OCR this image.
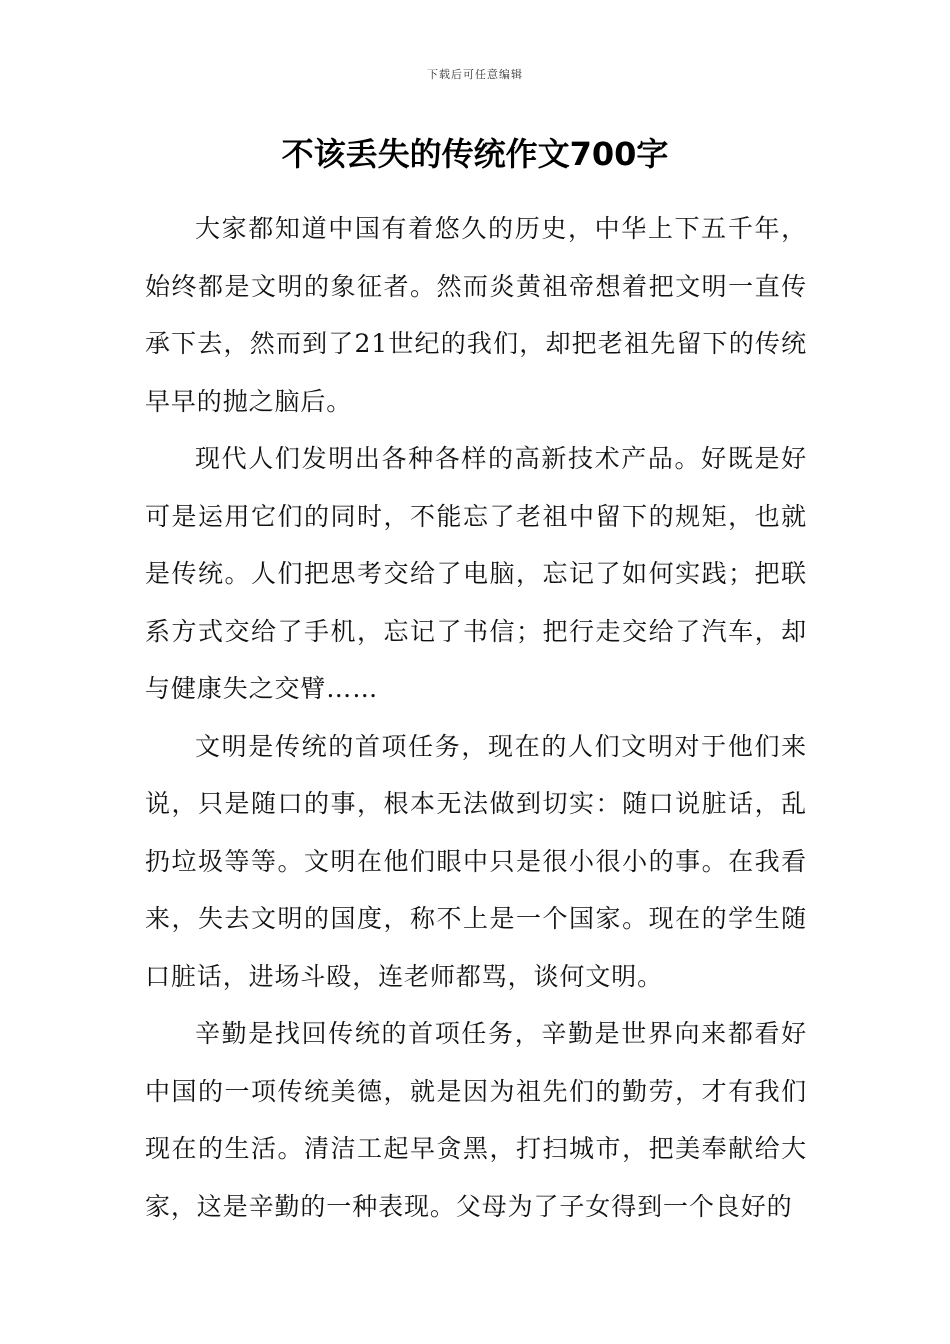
下载后可任意编辑
不该丢失的传统作文700字

大家都知道中国有着悠久的历史，中华上下五千年，始终都是文明的象征者。然而炎黄祖帝想着把文明一直传承下去，然而到了21世纪的我们，却把老祖先留下的传统早早的抛之脑后。

现代人们发明出各种各样的高新技术产品。好既是好可是运用它们的同时，不能忘了老祖中留下的规矩，也就是传统。人们把思考交给了电脑，忘记了如何实践；把联系方式交给了手机，忘记了书信；把行走交给了汽车，却与健康失之交臂……

文明是传统的首项任务，现在的人们文明对于他们来说，只是随口的事，根本无法做到切实：随口说脏话，乱扔垃圾等等。文明在他们眼中只是很小很小的事。在我看来，失去文明的国度，称不上是一个国家。现在的学生随口脏话，进场斗殴，连老师都骂，谈何文明。

辛勤是找回传统的首项任务，辛勤是世界向来都看好中国的一项传统美德，就是因为祖先们的勤劳，才有我们现在的生活。清洁工起早贪黑，打扫城市，把美奉献给大家，这是辛勤的一种表现。父母为了子女得到一个良好的
